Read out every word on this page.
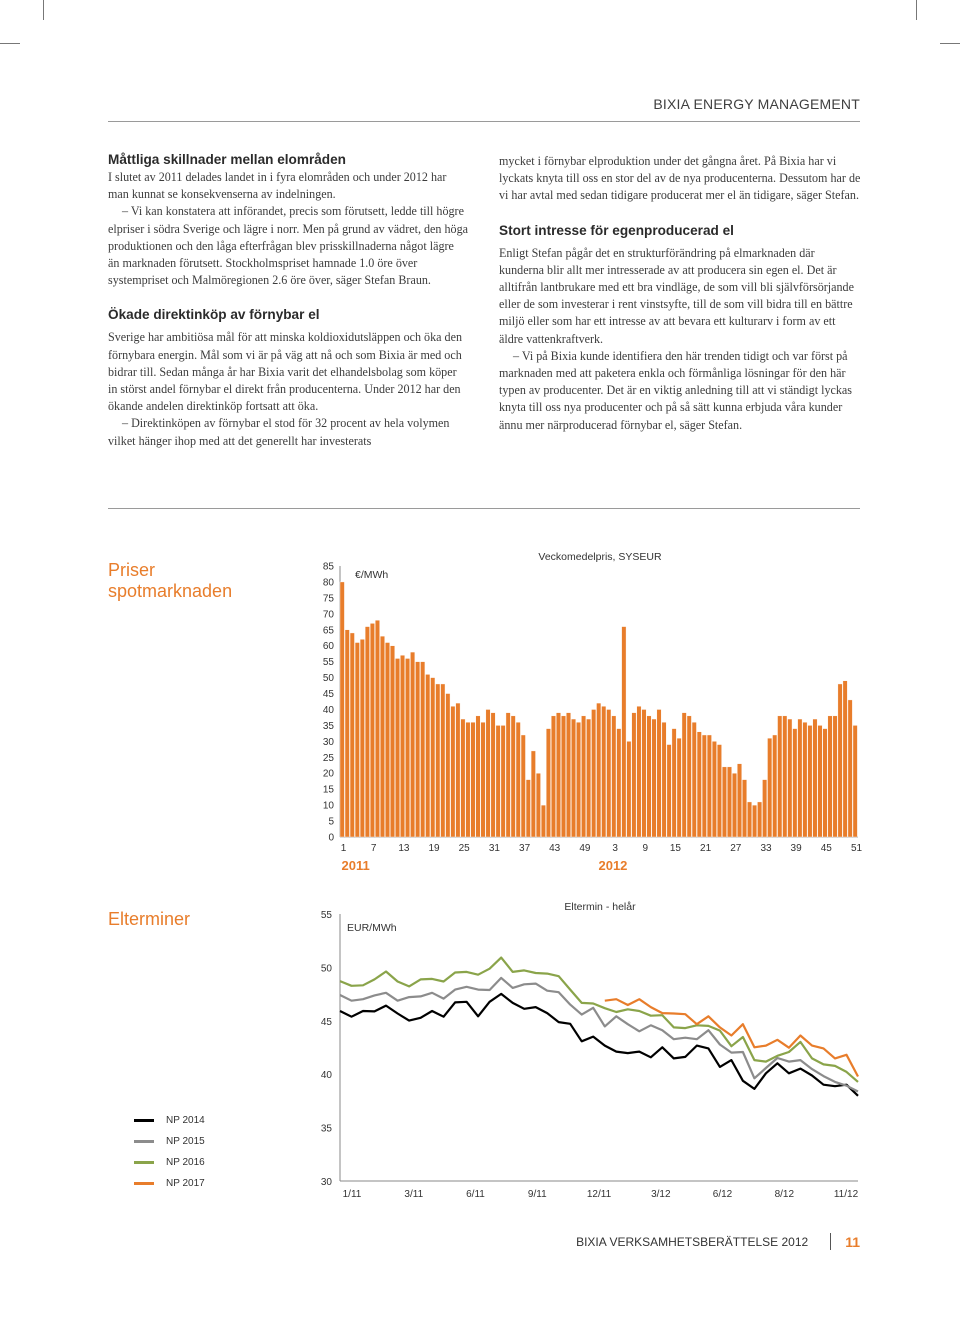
BIXIA ENERGY MANAGEMENT
Måttliga skillnader mellan elområden

I slutet av 2011 delades landet in i fyra elområden och under 2012 har man kunnat se konsekvenserna av indelningen.

– Vi kan konstatera att införandet, precis som förutsett, ledde till högre elpriser i södra Sverige och lägre i norr. Men på grund av vädret, den höga produktionen och den låga efterfrågan blev prisskillnaderna något lägre än marknaden förutsett. Stockholmspriset hamnade 1.0 öre över systempriset och Malmöregionen 2.6 öre över, säger Stefan Braun.

Ökade direktinköp av förnybar el

Sverige har ambitiösa mål för att minska koldioxidutsläppen och öka den förnybara energin. Mål som vi är på väg att nå och som Bixia är med och bidrar till. Sedan många år har Bixia varit det elhandelsbolag som köper in störst andel förnybar el direkt från producenterna. Under 2012 har den ökande andelen direktinköp fortsatt att öka.

– Direktinköpen av förnybar el stod för 32 procent av hela volymen vilket hänger ihop med att det generellt har investerats

mycket i förnybar elproduktion under det gångna året. På Bixia har vi lyckats knyta till oss en stor del av de nya producenterna. Dessutom har de vi har avtal med sedan tidigare producerat mer el än tidigare, säger Stefan.

Stort intresse för egenproducerad el

Enligt Stefan pågår det en strukturförändring på elmarknaden där kunderna blir allt mer intresserade av att producera sin egen el. Det är alltifrån lantbrukare med ett bra vindläge, de som vill bli självförsörjande eller de som investerar i rent vinstsyfte, till de som vill bidra till en bättre miljö eller som har ett intresse av att bevara ett kulturarv i form av ett äldre vattenkraftverk.

– Vi på Bixia kunde identifiera den här trenden tidigt och var först på marknaden med att paketera enkla och förmånliga lösningar för den här typen av producenter. Det är en viktig anledning till att vi ständigt lyckas knyta till oss nya producenter och på så sätt kunna erbjuda våra kunder ännu mer närproducerad förnybar el, säger Stefan.

Priser
spotmarknaden
Elterminer
0
5
10
15
20
25
30
35
40
45
50
55
60
65
70
75
80
85
1 7 13 19 25 31 37 43 49 3 9 15 21 27 33 39 45 51
2011	2012
Veckomedelpris, SYSEUR
€/MWh
30
35
40
45
50
55
1/11	3/11	6/11	9/11	12/11	3/12	6/12	8/12	11/12
Eltermin - helår
EUR/MWh
NP 2014
NP 2015
NP 2016
NP 2017
BIXIA VERKSAMHETSBERÄTTELSE 2012	11
